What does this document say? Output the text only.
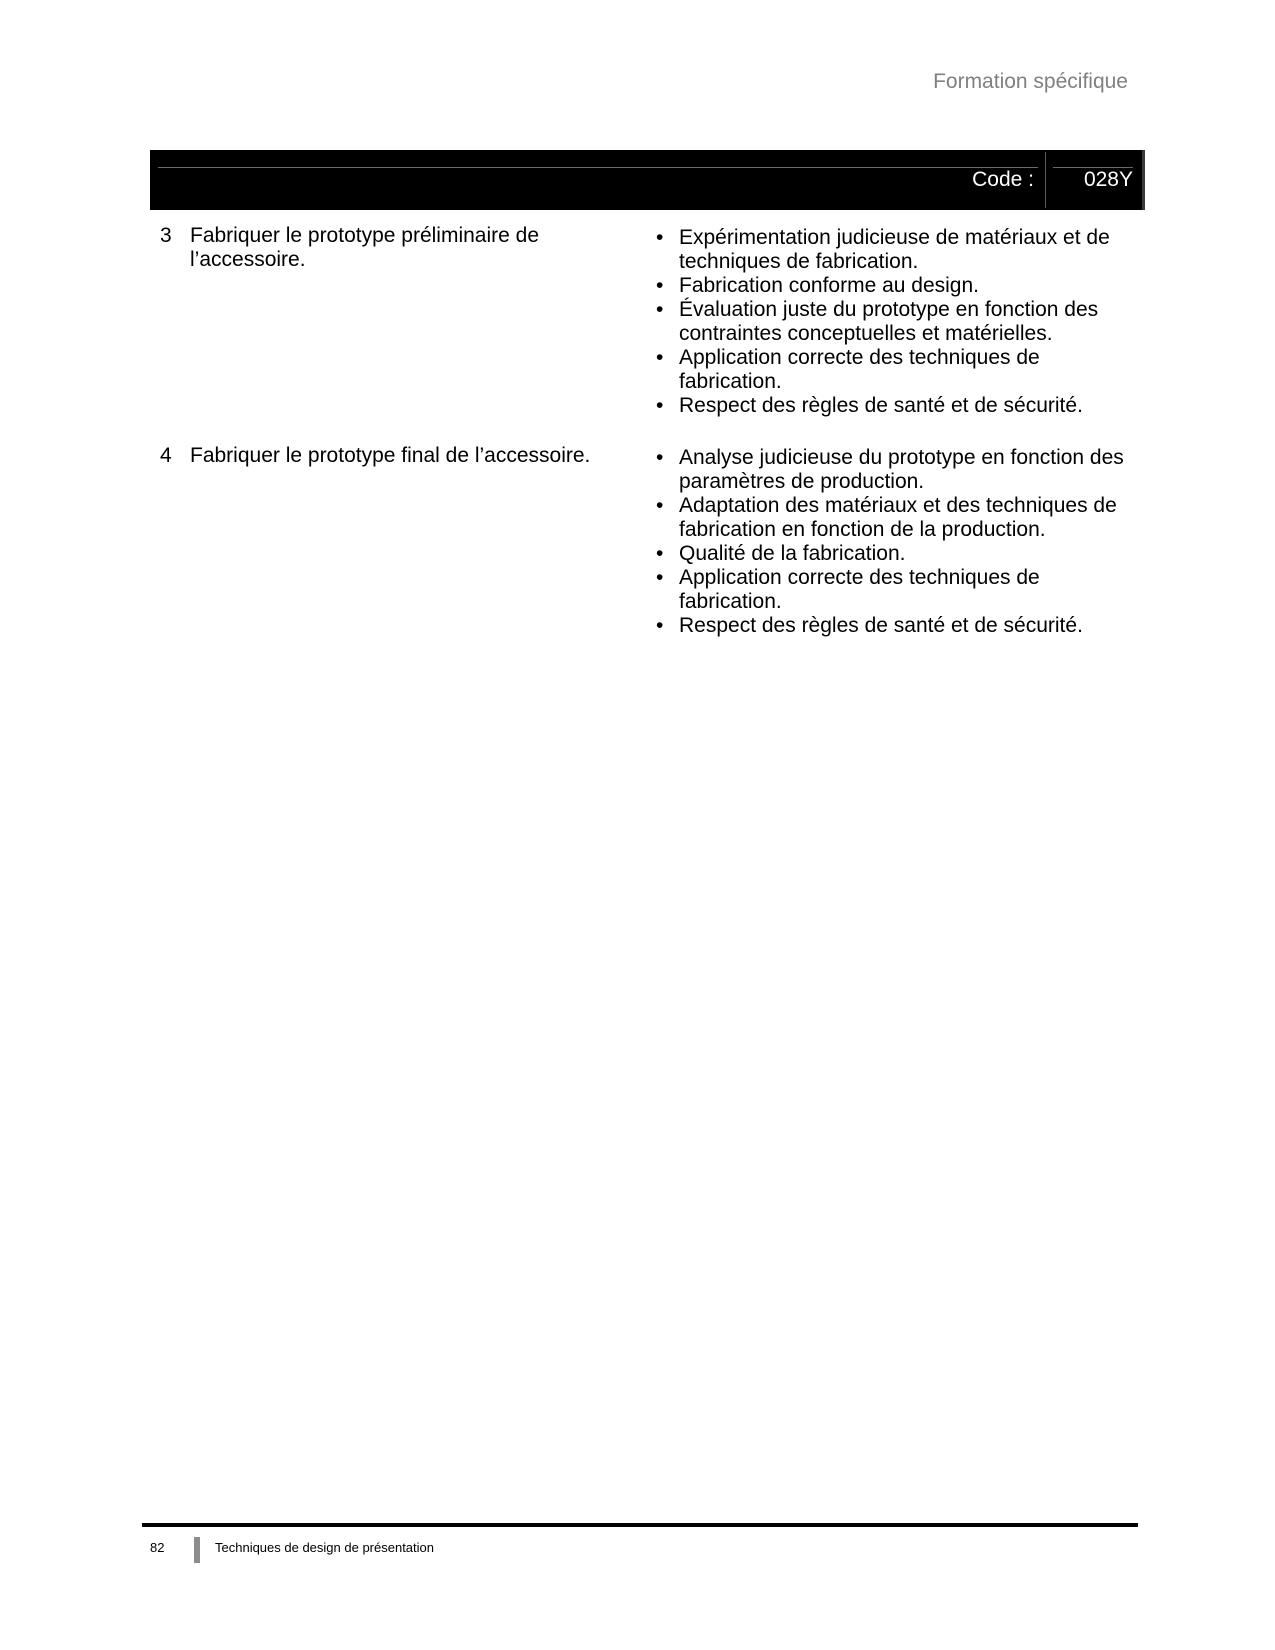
Formation spécifique
Code : 028Y
3 Fabriquer le prototype préliminaire de l’accessoire.
• Expérimentation judicieuse de matériaux et de techniques de fabrication.
• Fabrication conforme au design.
• Évaluation juste du prototype en fonction des contraintes conceptuelles et matérielles.
• Application correcte des techniques de fabrication.
• Respect des règles de santé et de sécurité.
4 Fabriquer le prototype final de l’accessoire.
•	Analyse judicieuse du prototype en fonction des paramètres de production.
• Adaptation des matériaux et des techniques de fabrication en fonction de la production.
• Qualité de la fabrication.
• Application correcte des techniques de fabrication.
• Respect des règles de santé et de sécurité.
82	Techniques de design de présentation
